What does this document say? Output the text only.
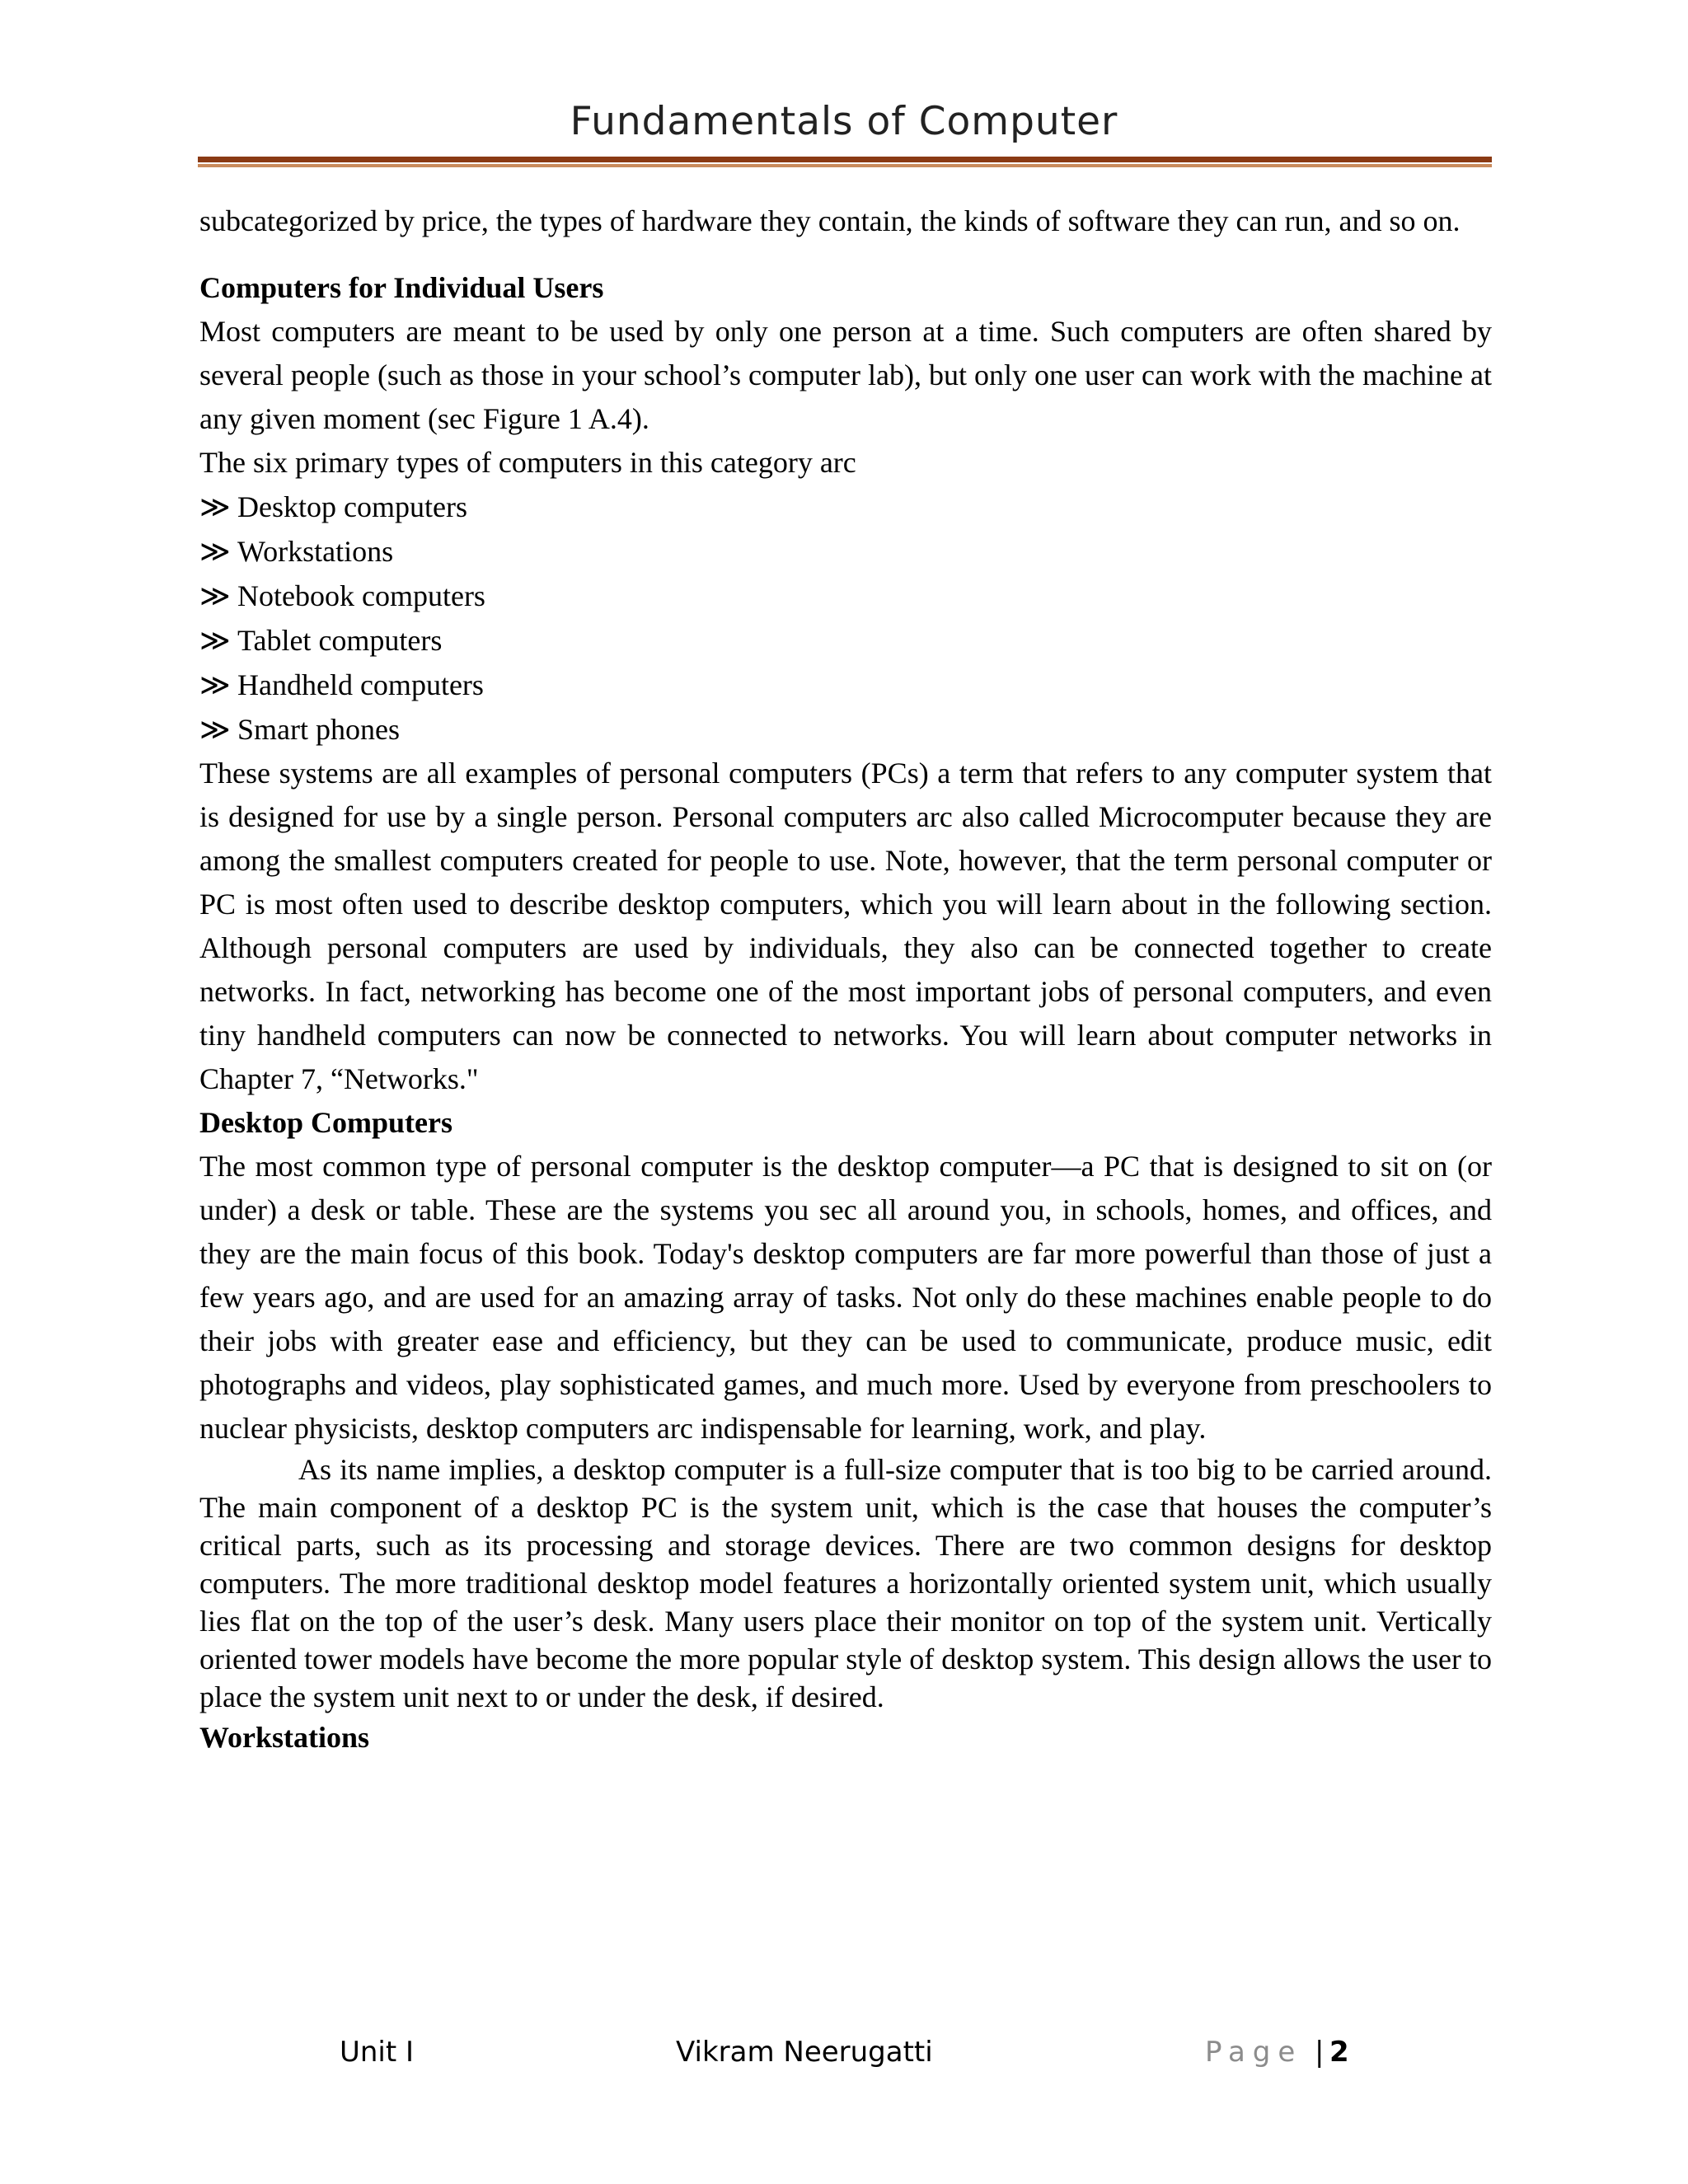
Fundamentals of Computer

subcategorized by price, the types of hardware they contain, the kinds of software they can run, and so on.

Computers for Individual Users

Most computers are meant to be used by only one person at a time. Such computers are often shared by several people (such as those in your school’s computer lab), but only one user can work with the machine at any given moment (sec Figure 1 A.4).

The six primary types of computers in this category arc

≫ Desktop computers
≫ Workstations
≫ Notebook computers
≫ Tablet computers
≫ Handheld computers
≫ Smart phones

These systems are all examples of personal computers (PCs) a term that refers to any computer system that is designed for use by a single person. Personal computers arc also called Microcomputer because they are among the smallest computers created for people to use. Note, however, that the term personal computer or PC is most often used to describe desktop computers, which you will learn about in the following section. Although personal computers are used by individuals, they also can be connected together to create networks. In fact, networking has become one of the most important jobs of personal computers, and even tiny handheld computers can now be connected to networks. You will learn about computer networks in Chapter 7, “Networks."

Desktop Computers

The most common type of personal computer is the desktop computer—a PC that is designed to sit on (or under) a desk or table. These are the systems you sec all around you, in schools, homes, and offices, and they are the main focus of this book. Today's desktop computers are far more powerful than those of just a few years ago, and are used for an amazing array of tasks. Not only do these machines enable people to do their jobs with greater ease and efficiency, but they can be used to communicate, produce music, edit photographs and videos, play sophisticated games, and much more. Used by everyone from preschoolers to nuclear physicists, desktop computers arc indispensable for learning, work, and play.

As its name implies, a desktop computer is a full-size computer that is too big to be carried around. The main component of a desktop PC is the system unit, which is the case that houses the computer’s critical parts, such as its processing and storage devices. There are two common designs for desktop computers. The more traditional desktop model features a horizontally oriented system unit, which usually lies flat on the top of the user’s desk. Many users place their monitor on top of the system unit. Vertically oriented tower models have become the more popular style of desktop system. This design allows the user to place the system unit next to or under the desk, if desired.

Workstations
Unit I	Vikram Neerugatti	Page | 2
